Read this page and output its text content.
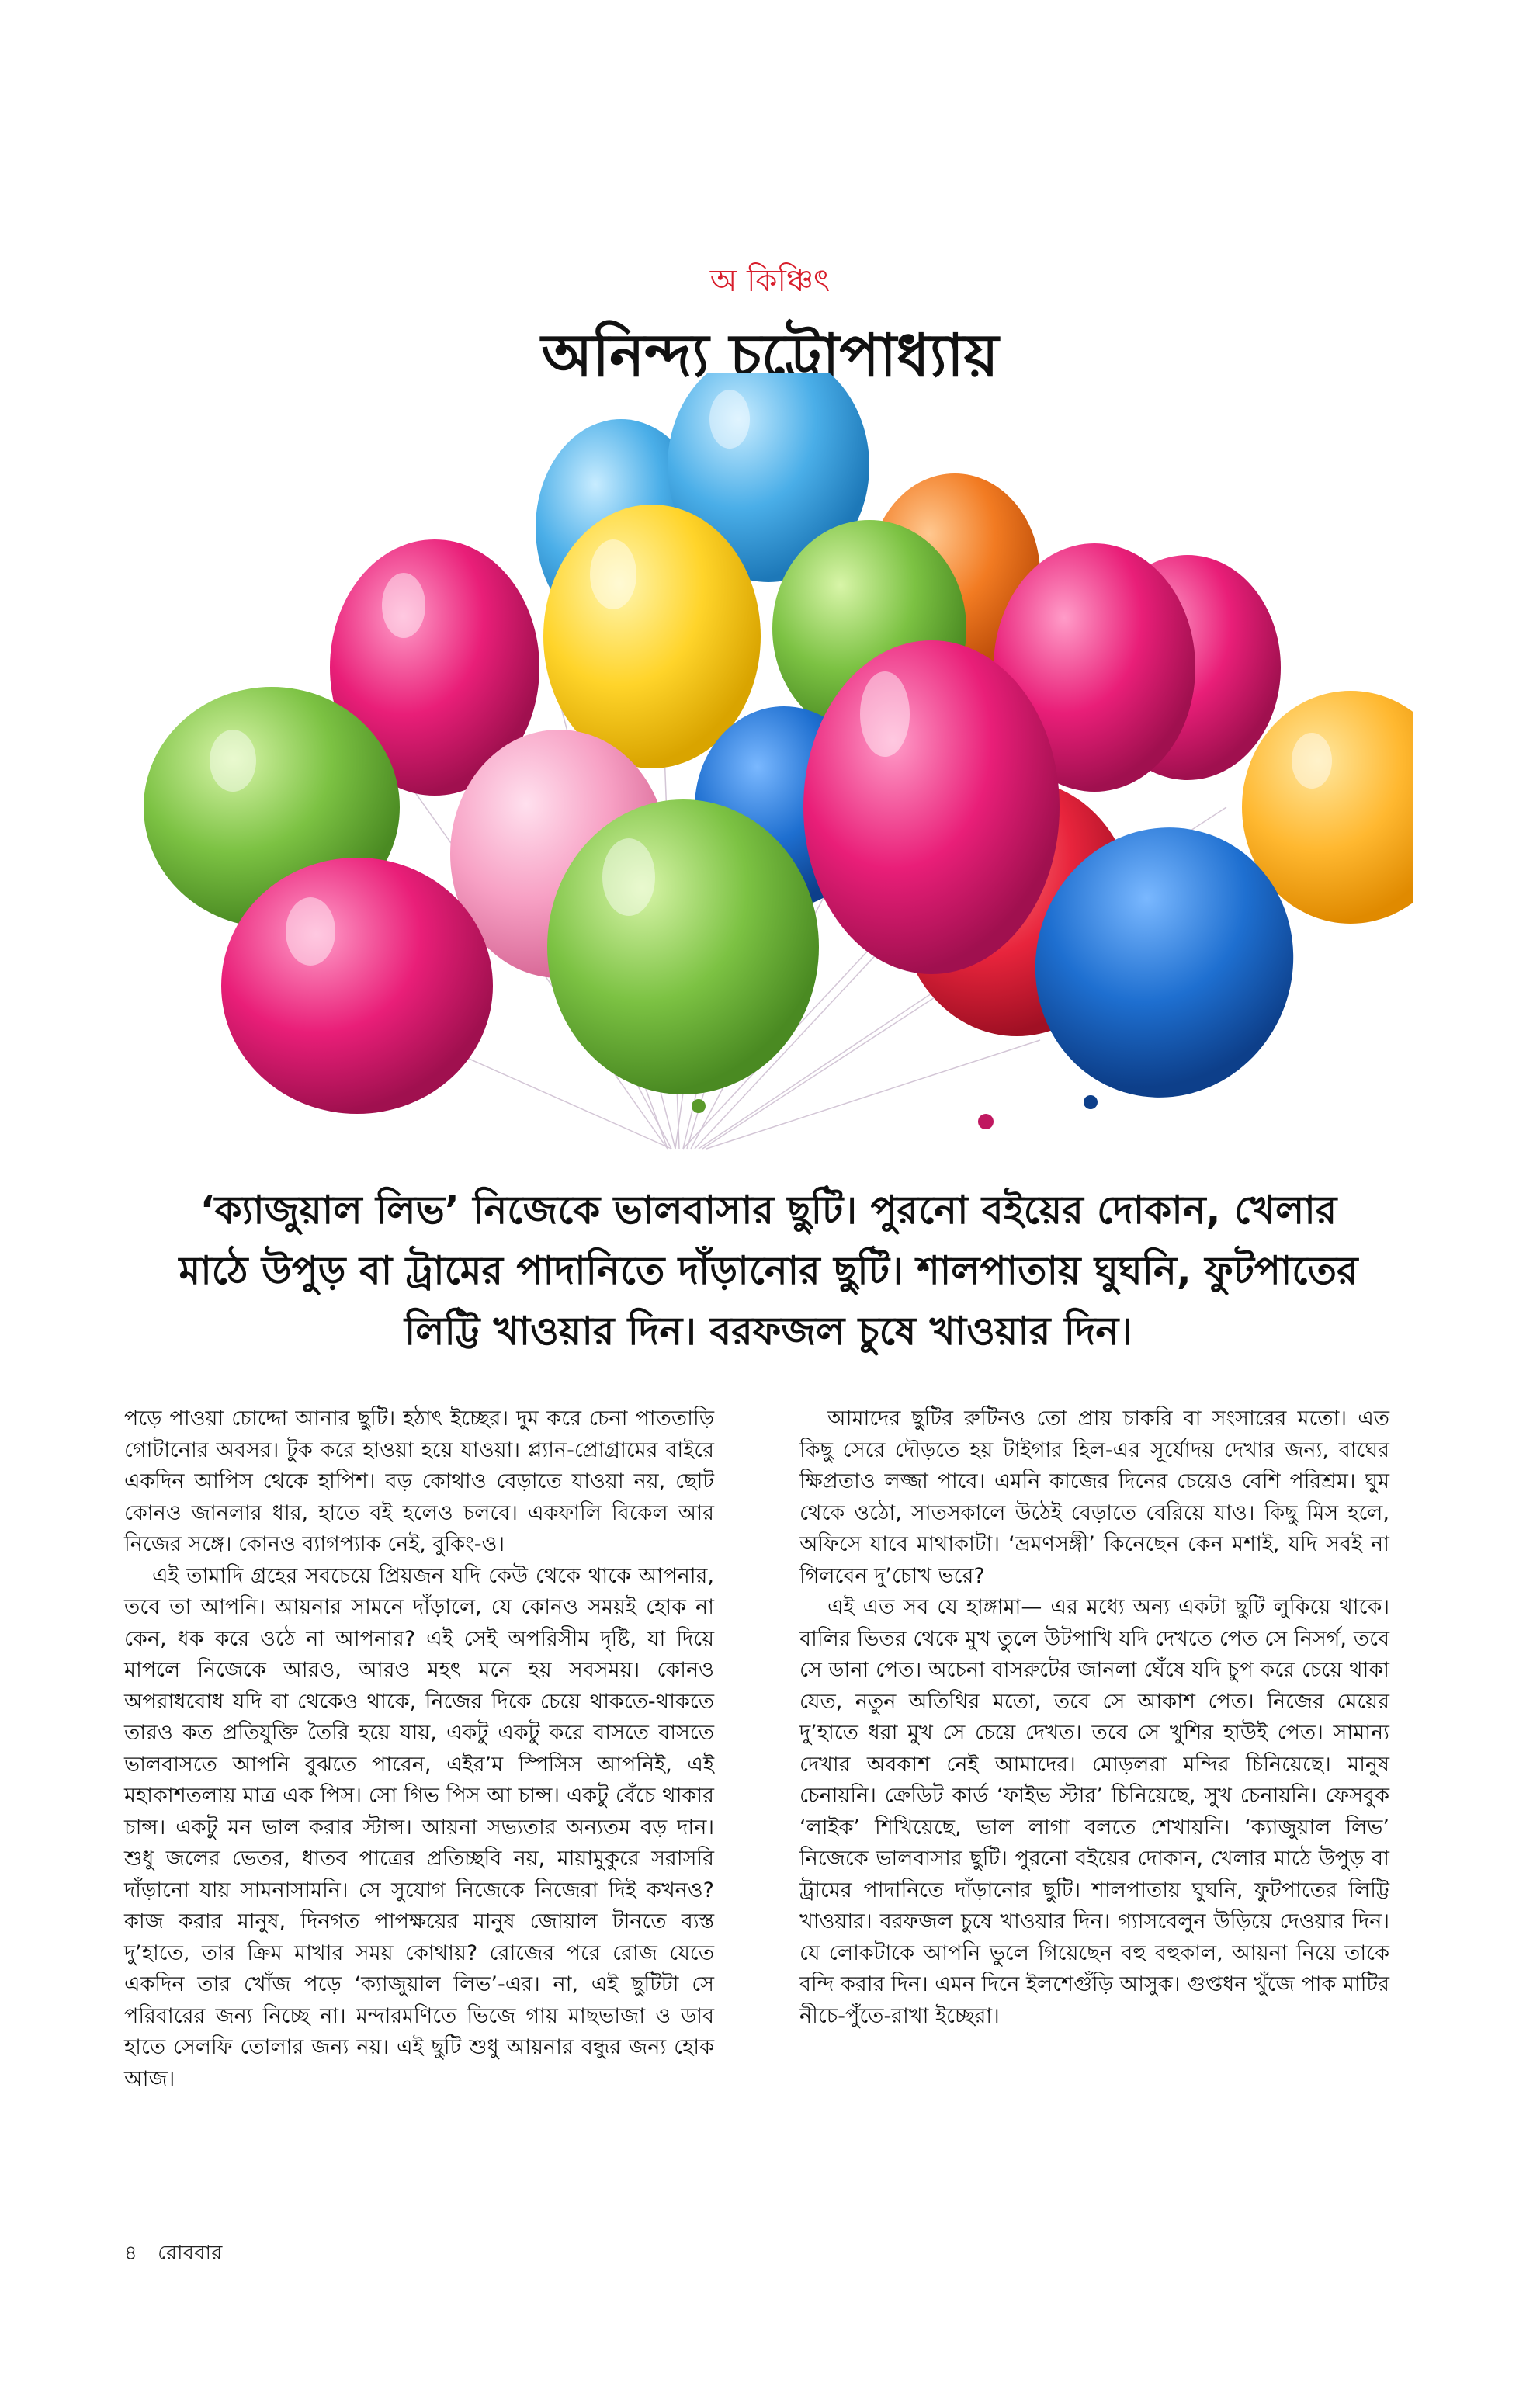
অ কিঞ্চিৎ
অনিন্দ্য চট্টোপাধ্যায়
‘ক্যাজুয়াল লিভ’ নিজেকে ভালবাসার ছুটি। পুরনো বইয়ের দোকান, খেলার
মাঠে উপুড় বা ট্রামের পাদানিতে দাঁড়ানোর ছুটি। শালপাতায় ঘুঘনি, ফুটপাতের
লিট্টি খাওয়ার দিন। বরফজল চুষে খাওয়ার দিন।

পড়ে পাওয়া চোদ্দো আনার ছুটি। হঠাৎ ইচ্ছের। দুম করে চেনা পাততাড়ি গোটানোর অবসর। টুক করে হাওয়া হয়ে যাওয়া। প্ল্যান-প্রোগ্রামের বাইরে একদিন আপিস থেকে হাপিশ। বড় কোথাও বেড়াতে যাওয়া নয়, ছোট কোনও জানলার ধার, হাতে বই হলেও চলবে। একফালি বিকেল আর নিজের সঙ্গে। কোনও ব্যাগপ্যাক নেই, বুকিং-ও।

এই তামাদি গ্রহের সবচেয়ে প্রিয়জন যদি কেউ থেকে থাকে আপনার, তবে তা আপনি। আয়নার সামনে দাঁড়ালে, যে কোনও সময়ই হোক না কেন, ধক করে ওঠে না আপনার? এই সেই অপরিসীম দৃষ্টি, যা দিয়ে মাপলে নিজেকে আরও, আরও মহৎ মনে হয় সবসময়। কোনও অপরাধবোধ যদি বা থেকেও থাকে, নিজের দিকে চেয়ে থাকতে-থাকতে তারও কত প্রতিযুক্তি তৈরি হয়ে যায়, একটু একটু করে বাসতে বাসতে ভালবাসতে আপনি বুঝতে পারেন, এইর’ম স্পিসিস আপনিই, এই মহাকাশতলায় মাত্র এক পিস। সো গিভ পিস আ চান্স। একটু বেঁচে থাকার চান্স। একটু মন ভাল করার স্টান্স। আয়না সভ্যতার অন্যতম বড় দান। শুধু জলের ভেতর, ধাতব পাত্রের প্রতিচ্ছবি নয়, মায়ামুকুরে সরাসরি দাঁড়ানো যায় সামনাসামনি। সে সুযোগ নিজেকে নিজেরা দিই কখনও? কাজ করার মানুষ, দিনগত পাপক্ষয়ের মানুষ জোয়াল টানতে ব্যস্ত দু’হাতে, তার ক্রিম মাখার সময় কোথায়? রোজের পরে রোজ যেতে একদিন তার খোঁজ পড়ে ‘ক্যাজুয়াল লিভ’-এর। না, এই ছুটিটা সে পরিবারের জন্য নিচ্ছে না। মন্দারমণিতে ভিজে গায় মাছভাজা ও ডাব হাতে সেলফি তোলার জন্য নয়। এই ছুটি শুধু আয়নার বন্ধুর জন্য হোক আজ।

আমাদের ছুটির রুটিনও তো প্রায় চাকরি বা সংসারের মতো। এত কিছু সেরে দৌড়তে হয় টাইগার হিল-এর সূর্যোদয় দেখার জন্য, বাঘের ক্ষিপ্রতাও লজ্জা পাবে। এমনি কাজের দিনের চেয়েও বেশি পরিশ্রম। ঘুম থেকে ওঠো, সাতসকালে উঠেই বেড়াতে বেরিয়ে যাও। কিছু মিস হলে, অফিসে যাবে মাথাকাটা। ‘ভ্রমণসঙ্গী’ কিনেছেন কেন মশাই, যদি সবই না গিলবেন দু’চোখ ভরে?

এই এত সব যে হাঙ্গামা— এর মধ্যে অন্য একটা ছুটি লুকিয়ে থাকে। বালির ভিতর থেকে মুখ তুলে উটপাখি যদি দেখতে পেত সে নিসর্গ, তবে সে ডানা পেত। অচেনা বাসরুটের জানলা ঘেঁষে যদি চুপ করে চেয়ে থাকা যেত, নতুন অতিথির মতো, তবে সে আকাশ পেত। নিজের মেয়ের দু’হাতে ধরা মুখ সে চেয়ে দেখত। তবে সে খুশির হাউই পেত। সামান্য দেখার অবকাশ নেই আমাদের। মোড়লরা মন্দির চিনিয়েছে। মানুষ চেনায়নি। ক্রেডিট কার্ড ‘ফাইভ স্টার’ চিনিয়েছে, সুখ চেনায়নি। ফেসবুক ‘লাইক’ শিখিয়েছে, ভাল লাগা বলতে শেখায়নি। ‘ক্যাজুয়াল লিভ’ নিজেকে ভালবাসার ছুটি। পুরনো বইয়ের দোকান, খেলার মাঠে উপুড় বা ট্রামের পাদানিতে দাঁড়ানোর ছুটি। শালপাতায় ঘুঘনি, ফুটপাতের লিট্টি খাওয়ার। বরফজল চুষে খাওয়ার দিন। গ্যাসবেলুন উড়িয়ে দেওয়ার দিন। যে লোকটাকে আপনি ভুলে গিয়েছেন বহু বহুকাল, আয়না নিয়ে তাকে বন্দি করার দিন। এমন দিনে ইলশেগুঁড়ি আসুক। গুপ্তধন খুঁজে পাক মাটির নীচে-পুঁতে-রাখা ইচ্ছেরা।

৪ রোববার
